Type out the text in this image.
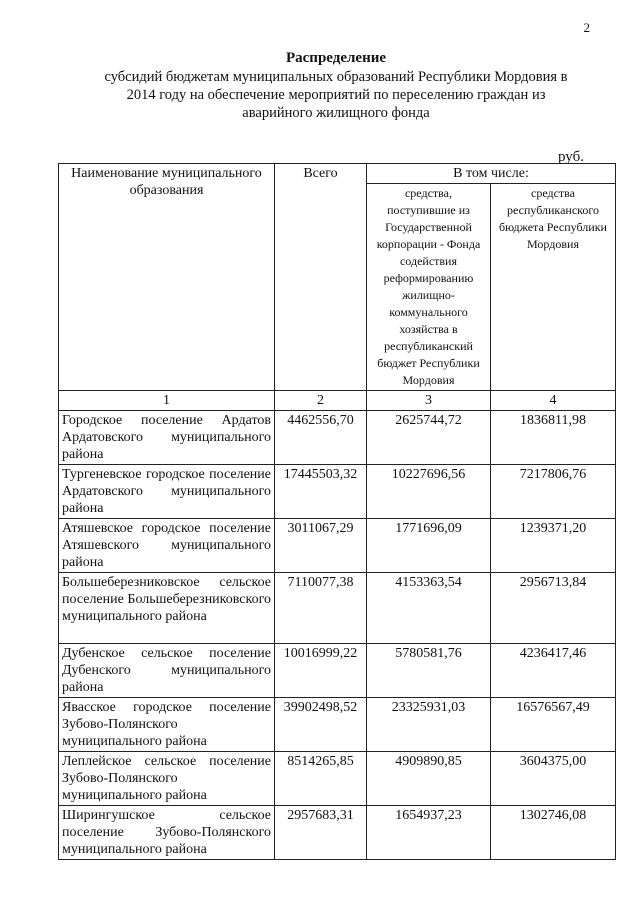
2
Распределение
субсидий бюджетам муниципальных образований Республики Мордовия в
2014 году на обеспечение мероприятий по переселению граждан из
аварийного жилищного фонда
руб.
Наименование муниципального образования	Всего	В том числе:	
		средства, поступившие из Государственной корпорации - Фонда содействия реформированию жилищно-коммунального хозяйства в республиканский бюджет Республики Мордовия	средства республиканского бюджета Республики Мордовия
1	2	3	4
Городское поселение Ардатов Ардатовского муниципального района	4462556,70	2625744,72	1836811,98
Тургеневское городское поселение Ардатовского муниципального района	17445503,32	10227696,56	7217806,76
Атяшевское городское поселение Атяшевского муниципального района	3011067,29	1771696,09	1239371,20
Большеберезниковское сельское поселение Большеберезниковского муниципального района	7110077,38	4153363,54	2956713,84
Дубенское сельское поселение Дубенского муниципального района	10016999,22	5780581,76	4236417,46
Явасское городское поселение Зубово-Полянского муниципального района	39902498,52	23325931,03	16576567,49
Леплейское сельское поселение Зубово-Полянского муниципального района	8514265,85	4909890,85	3604375,00
Ширингушское сельское поселение Зубово-Полянского муниципального района	2957683,31	1654937,23	1302746,08
